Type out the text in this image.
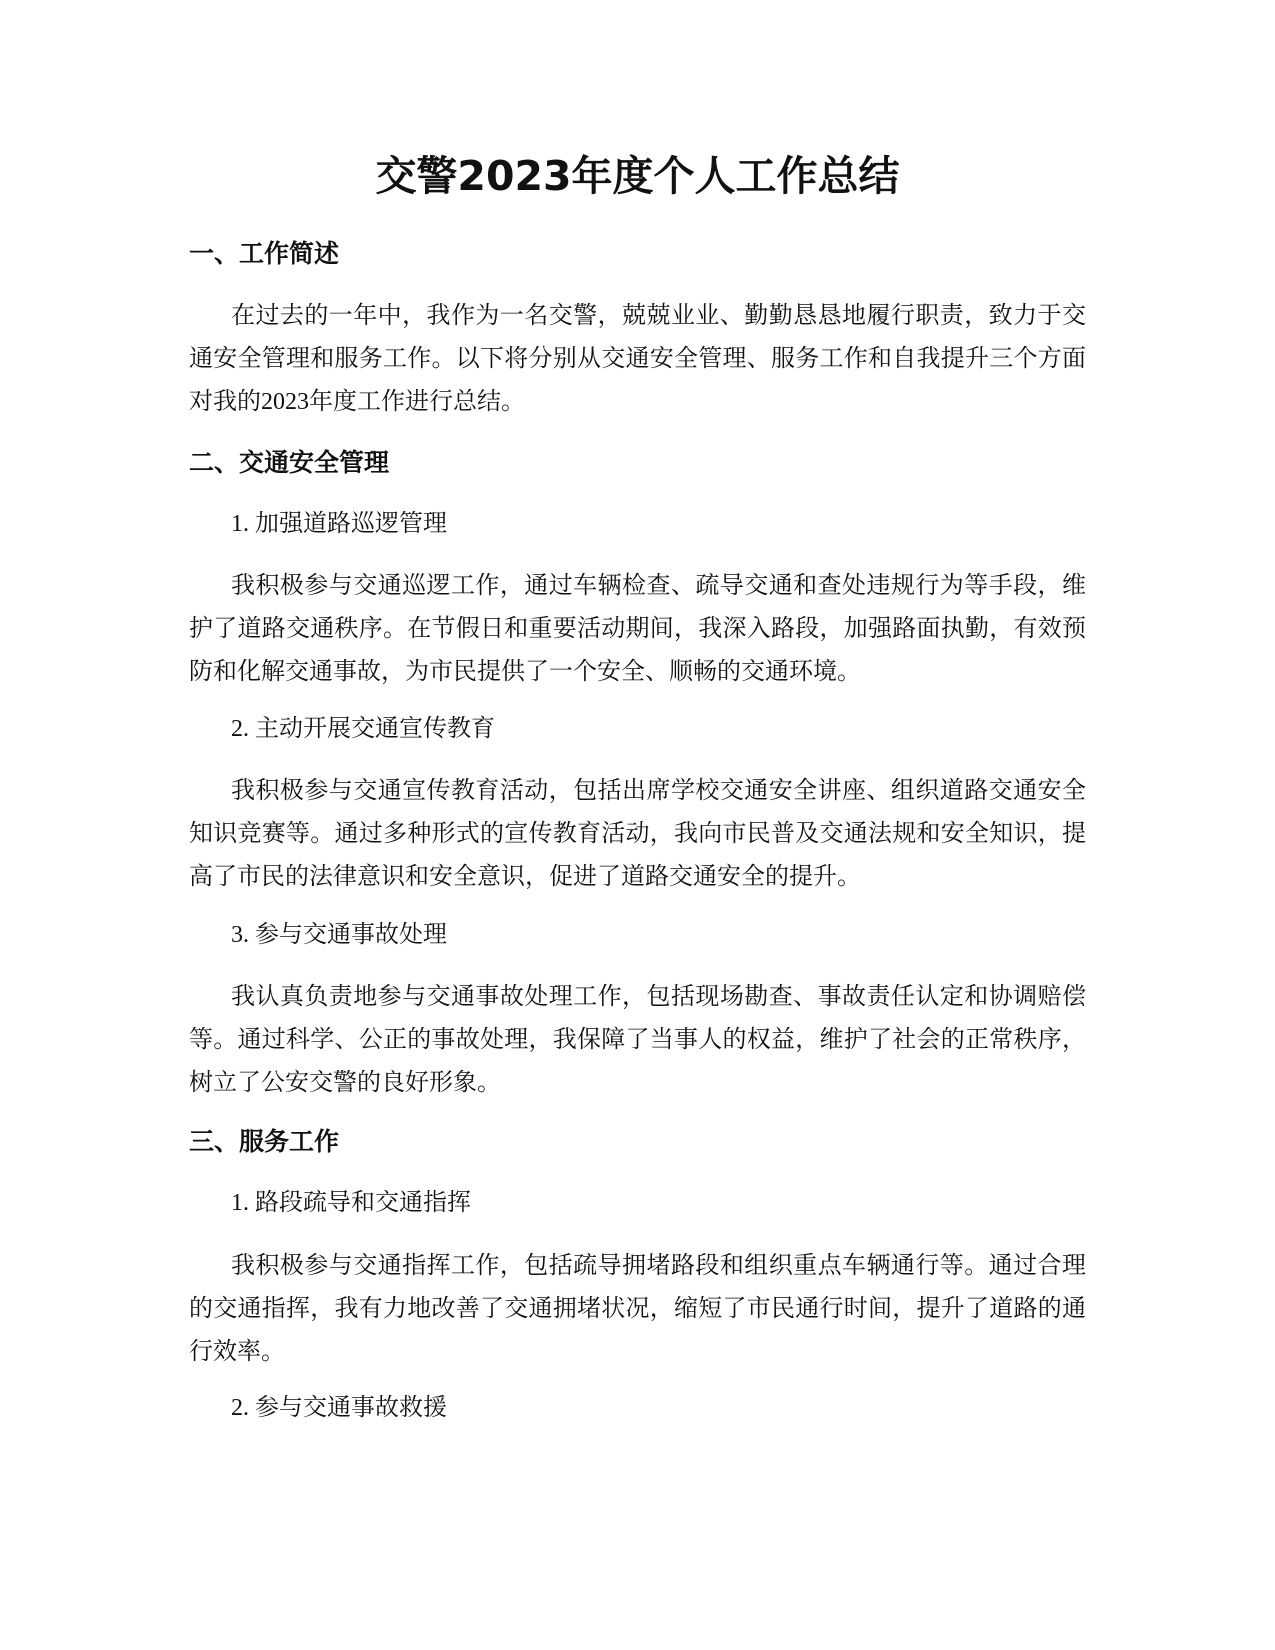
交警2023年度个人工作总结
一、工作简述

在过去的一年中，我作为一名交警，兢兢业业、勤勤恳恳地履行职责，致力于交通安全管理和服务工作。以下将分别从交通安全管理、服务工作和自我提升三个方面对我的2023年度工作进行总结。

二、交通安全管理

1. 加强道路巡逻管理

我积极参与交通巡逻工作，通过车辆检查、疏导交通和查处违规行为等手段，维护了道路交通秩序。在节假日和重要活动期间，我深入路段，加强路面执勤，有效预防和化解交通事故，为市民提供了一个安全、顺畅的交通环境。

2. 主动开展交通宣传教育

我积极参与交通宣传教育活动，包括出席学校交通安全讲座、组织道路交通安全知识竞赛等。通过多种形式的宣传教育活动，我向市民普及交通法规和安全知识，提高了市民的法律意识和安全意识，促进了道路交通安全的提升。

3. 参与交通事故处理

我认真负责地参与交通事故处理工作，包括现场勘查、事故责任认定和协调赔偿等。通过科学、公正的事故处理，我保障了当事人的权益，维护了社会的正常秩序，树立了公安交警的良好形象。

三、服务工作

1. 路段疏导和交通指挥

我积极参与交通指挥工作，包括疏导拥堵路段和组织重点车辆通行等。通过合理的交通指挥，我有力地改善了交通拥堵状况，缩短了市民通行时间，提升了道路的通行效率。

2. 参与交通事故救援
